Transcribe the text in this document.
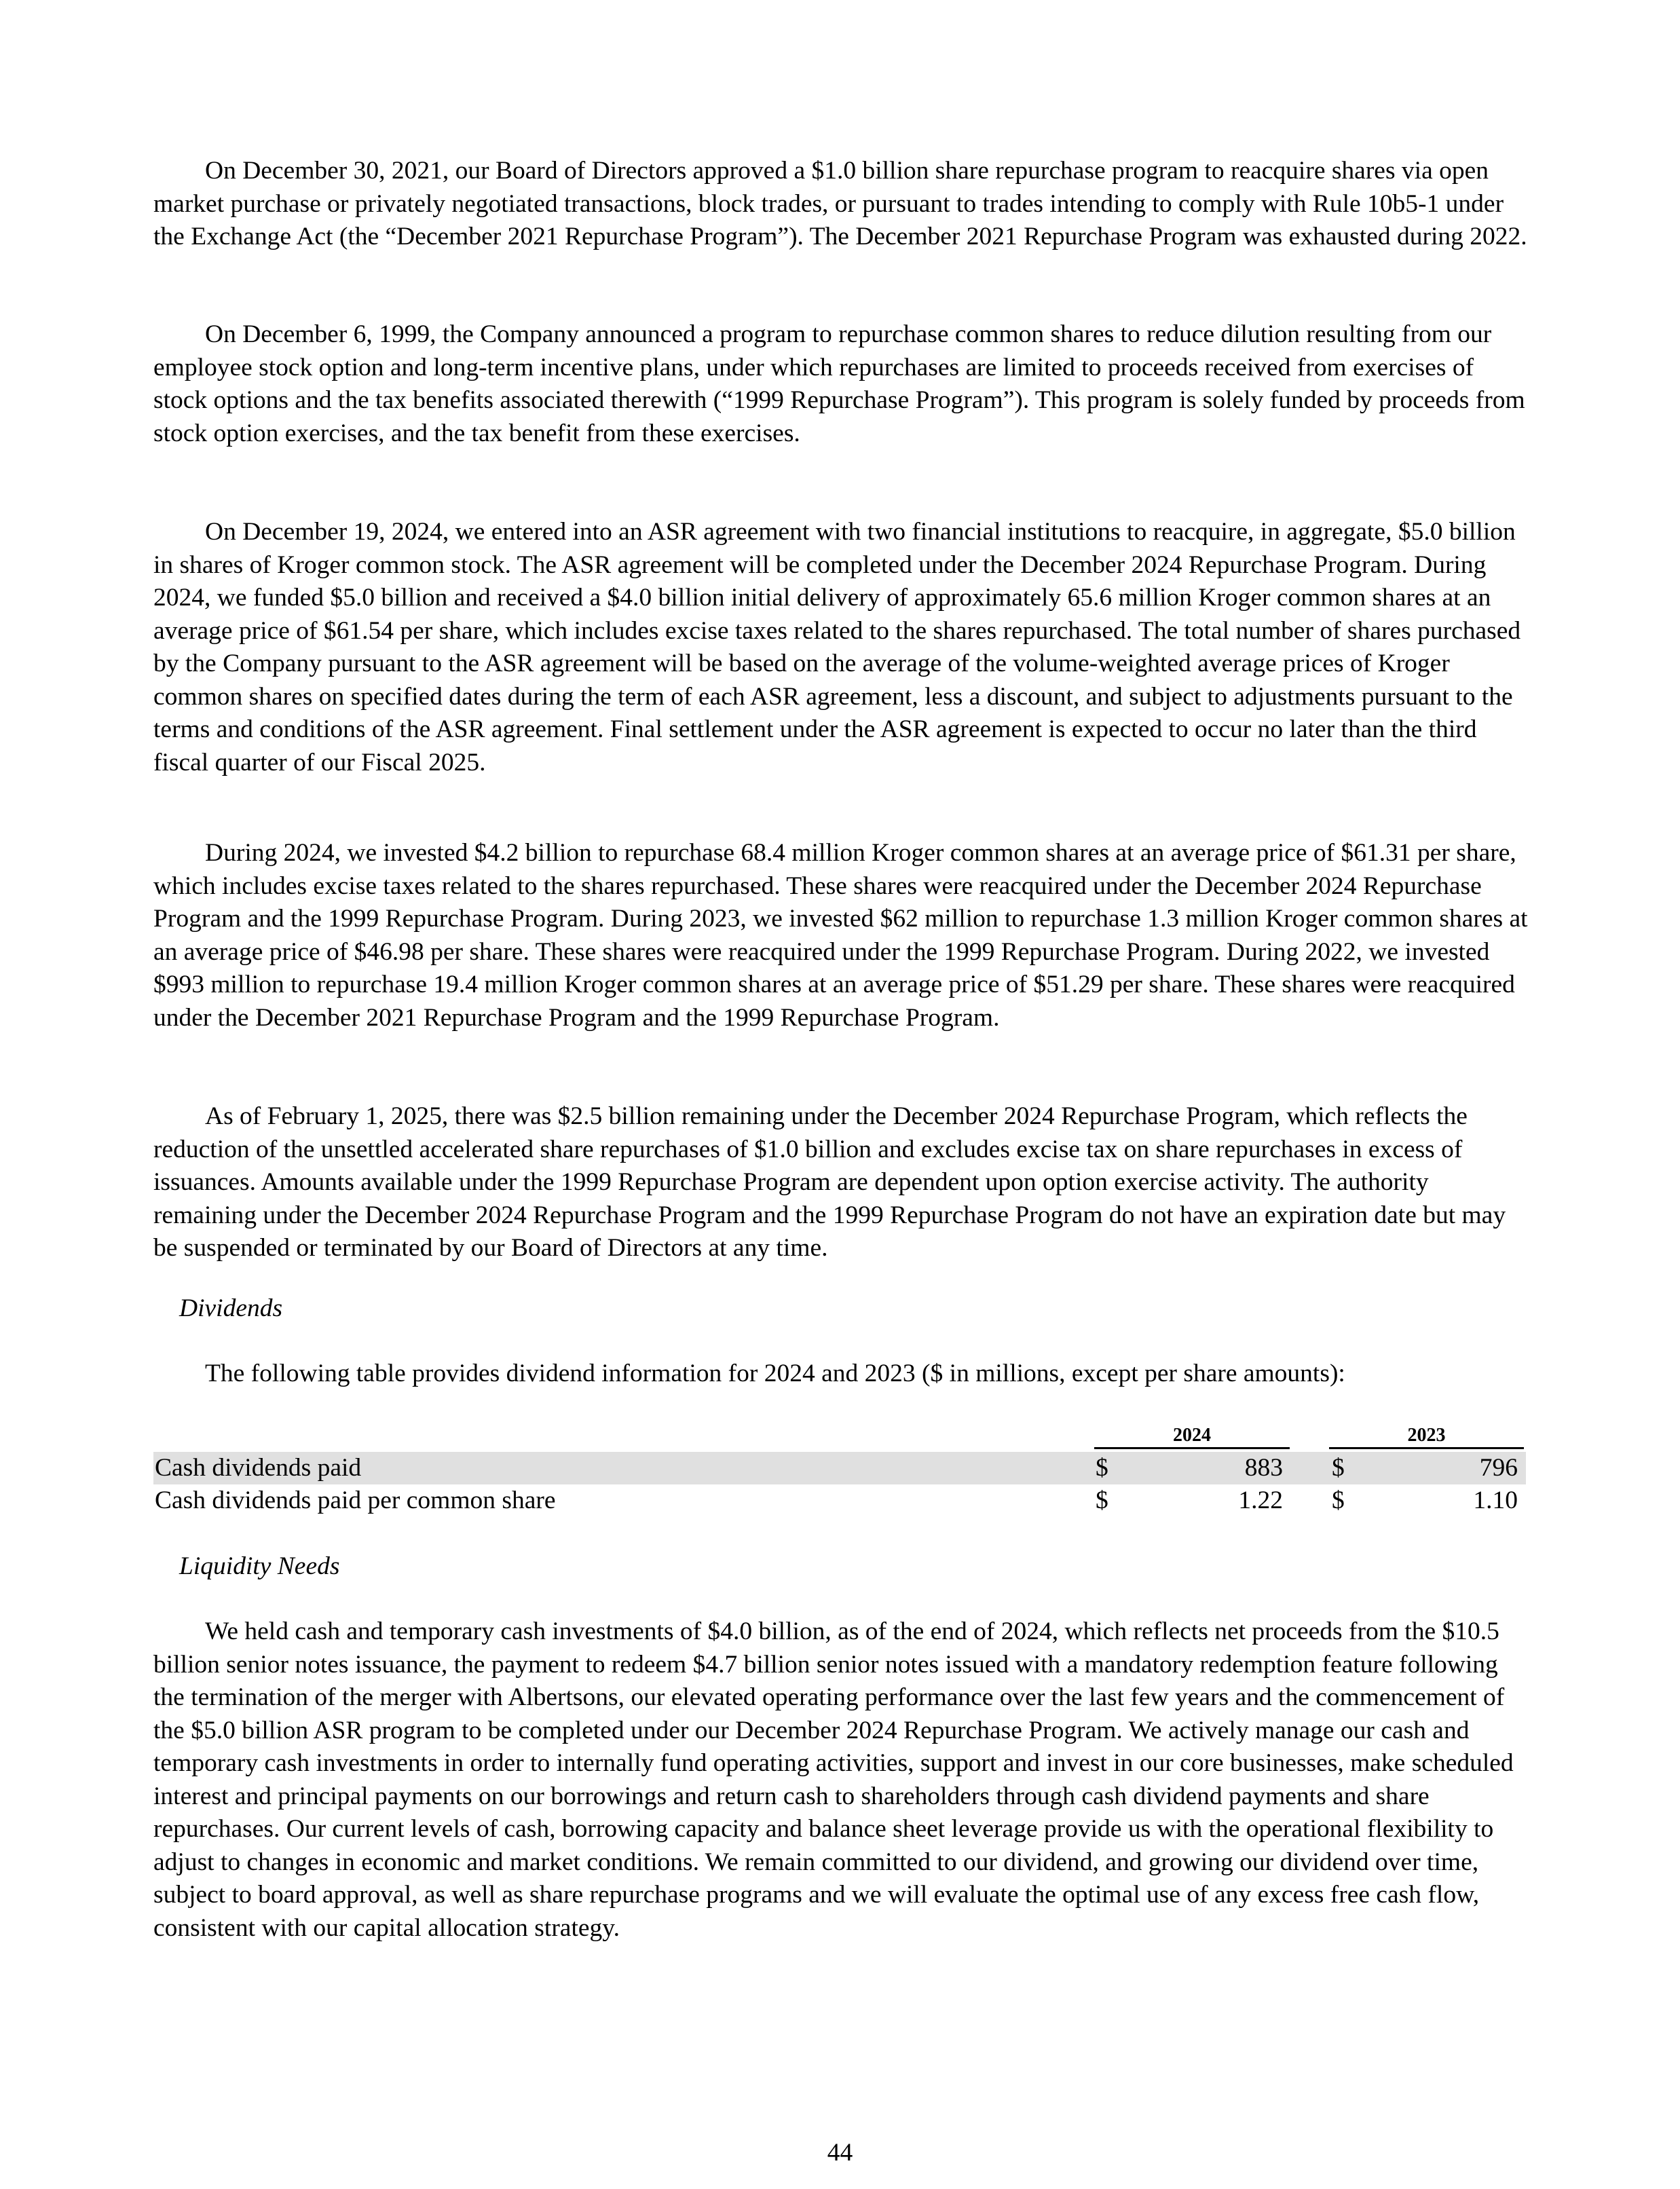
On December 30, 2021, our Board of Directors approved a $1.0 billion share repurchase program to reacquire shares via open market purchase or privately negotiated transactions, block trades, or pursuant to trades intending to comply with Rule 10b5-1 under the Exchange Act (the “December 2021 Repurchase Program”). The December 2021 Repurchase Program was exhausted during 2022.

On December 6, 1999, the Company announced a program to repurchase common shares to reduce dilution resulting from our employee stock option and long-term incentive plans, under which repurchases are limited to proceeds received from exercises of stock options and the tax benefits associated therewith (“1999 Repurchase Program”). This program is solely funded by proceeds from stock option exercises, and the tax benefit from these exercises.

On December 19, 2024, we entered into an ASR agreement with two financial institutions to reacquire, in aggregate, $5.0 billion in shares of Kroger common stock. The ASR agreement will be completed under the December 2024 Repurchase Program. During 2024, we funded $5.0 billion and received a $4.0 billion initial delivery of approximately 65.6 million Kroger common shares at an average price of $61.54 per share, which includes excise taxes related to the shares repurchased. The total number of shares purchased by the Company pursuant to the ASR agreement will be based on the average of the volume-weighted average prices of Kroger common shares on specified dates during the term of each ASR agreement, less a discount, and subject to adjustments pursuant to the terms and conditions of the ASR agreement. Final settlement under the ASR agreement is expected to occur no later than the third fiscal quarter of our Fiscal 2025.

During 2024, we invested $4.2 billion to repurchase 68.4 million Kroger common shares at an average price of $61.31 per share, which includes excise taxes related to the shares repurchased. These shares were reacquired under the December 2024 Repurchase Program and the 1999 Repurchase Program. During 2023, we invested $62 million to repurchase 1.3 million Kroger common shares at an average price of $46.98 per share. These shares were reacquired under the 1999 Repurchase Program. During 2022, we invested $993 million to repurchase 19.4 million Kroger common shares at an average price of $51.29 per share. These shares were reacquired under the December 2021 Repurchase Program and the 1999 Repurchase Program.

As of February 1, 2025, there was $2.5 billion remaining under the December 2024 Repurchase Program, which reflects the reduction of the unsettled accelerated share repurchases of $1.0 billion and excludes excise tax on share repurchases in excess of issuances. Amounts available under the 1999 Repurchase Program are dependent upon option exercise activity. The authority remaining under the December 2024 Repurchase Program and the 1999 Repurchase Program do not have an expiration date but may be suspended or terminated by our Board of Directors at any time.

Dividends

The following table provides dividend information for 2024 and 2023 ($ in millions, except per share amounts):

2024	2023
Cash dividends paid	$	883 $	796
Cash dividends paid per common share	$	1.22 $	1.10

Liquidity Needs

We held cash and temporary cash investments of $4.0 billion, as of the end of 2024, which reflects net proceeds from the $10.5 billion senior notes issuance, the payment to redeem $4.7 billion senior notes issued with a mandatory redemption feature following the termination of the merger with Albertsons, our elevated operating performance over the last few years and the commencement of the $5.0 billion ASR program to be completed under our December 2024 Repurchase Program. We actively manage our cash and temporary cash investments in order to internally fund operating activities, support and invest in our core businesses, make scheduled interest and principal payments on our borrowings and return cash to shareholders through cash dividend payments and share repurchases. Our current levels of cash, borrowing capacity and balance sheet leverage provide us with the operational flexibility to adjust to changes in economic and market conditions. We remain committed to our dividend, and growing our dividend over time, subject to board approval, as well as share repurchase programs and we will evaluate the optimal use of any excess free cash flow, consistent with our capital allocation strategy.

44
